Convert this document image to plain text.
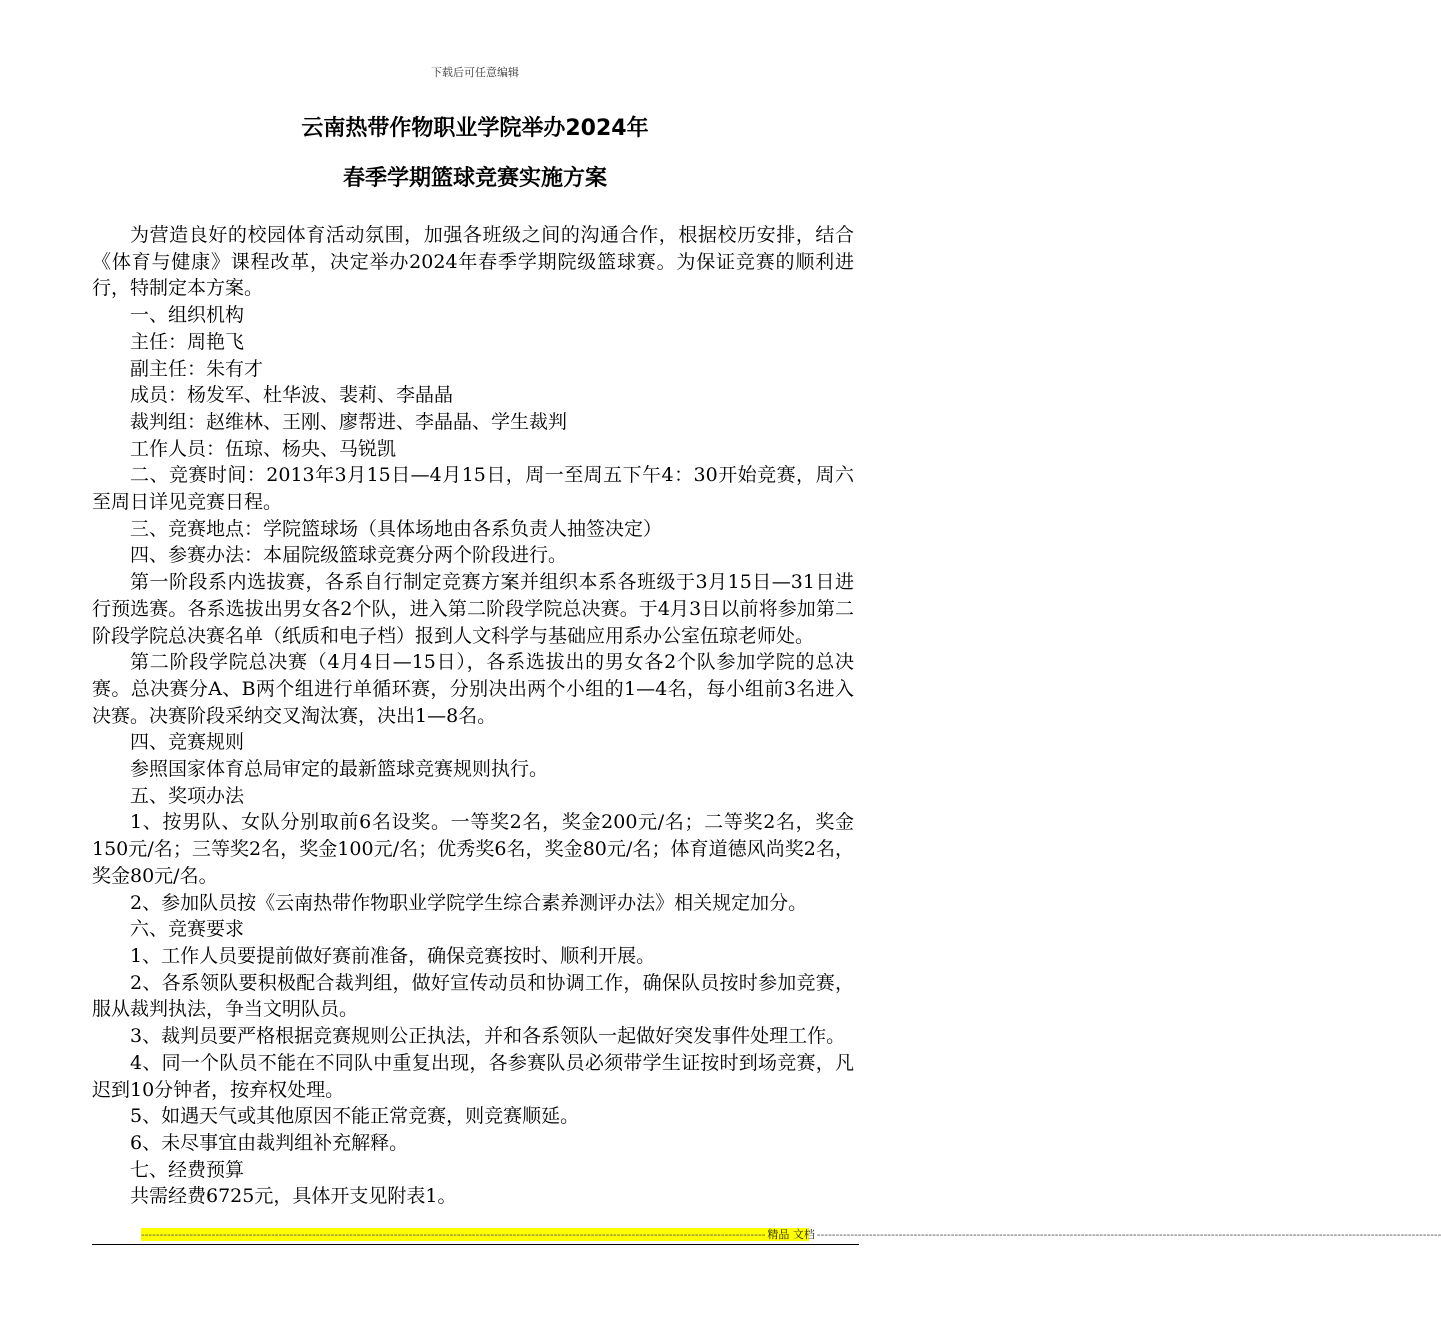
下载后可任意编辑
云南热带作物职业学院举办2024年
春季学期篮球竞赛实施方案

为营造良好的校园体育活动氛围，加强各班级之间的沟通合作，根据校历安排，结合《体育与健康》课程改革，决定举办2024年春季学期院级篮球赛。为保证竞赛的顺利进行，特制定本方案。

一、组织机构

主任：周艳飞

副主任：朱有才

成员：杨发军、杜华波、裴莉、李晶晶

裁判组：赵维林、王刚、廖帮进、李晶晶、学生裁判

工作人员：伍琼、杨央、马锐凯

二、竞赛时间：2013年3月15日—4月15日，周一至周五下午4：30开始竞赛，周六至周日详见竞赛日程。

三、竞赛地点：学院篮球场（具体场地由各系负责人抽签决定）

四、参赛办法：本届院级篮球竞赛分两个阶段进行。

第一阶段系内选拔赛，各系自行制定竞赛方案并组织本系各班级于3月15日—31日进行预选赛。各系选拔出男女各2个队，进入第二阶段学院总决赛。于4月3日以前将参加第二阶段学院总决赛名单（纸质和电子档）报到人文科学与基础应用系办公室伍琼老师处。

第二阶段学院总决赛（4月4日—15日），各系选拔出的男女各2个队参加学院的总决赛。总决赛分A、B两个组进行单循环赛，分别决出两个小组的1—4名，每小组前3名进入决赛。决赛阶段采纳交叉淘汰赛，决出1—8名。

四、竞赛规则

参照国家体育总局审定的最新篮球竞赛规则执行。

五、奖项办法

1、按男队、女队分别取前6名设奖。一等奖2名，奖金200元/名；二等奖2名，奖金150元/名；三等奖2名，奖金100元/名；优秀奖6名，奖金80元/名；体育道德风尚奖2名，奖金80元/名。

2、参加队员按《云南热带作物职业学院学生综合素养测评办法》相关规定加分。

六、竞赛要求

1、工作人员要提前做好赛前准备，确保竞赛按时、顺利开展。

2、各系领队要积极配合裁判组，做好宣传动员和协调工作，确保队员按时参加竞赛，服从裁判执法，争当文明队员。

3、裁判员要严格根据竞赛规则公正执法，并和各系领队一起做好突发事件处理工作。

4、同一个队员不能在不同队中重复出现，各参赛队员必须带学生证按时到场竞赛，凡迟到10分钟者，按弃权处理。

5、如遇天气或其他原因不能正常竞赛，则竞赛顺延。

6、未尽事宜由裁判组补充解释。

七、经费预算

共需经费6725元，具体开支见附表1。

------------------------------------------------------------------------------------------------------------------------------------------------------------------------ 精品 文档 ------------------------------------------------------------------------------------------------------------------------------------------------------------------------
